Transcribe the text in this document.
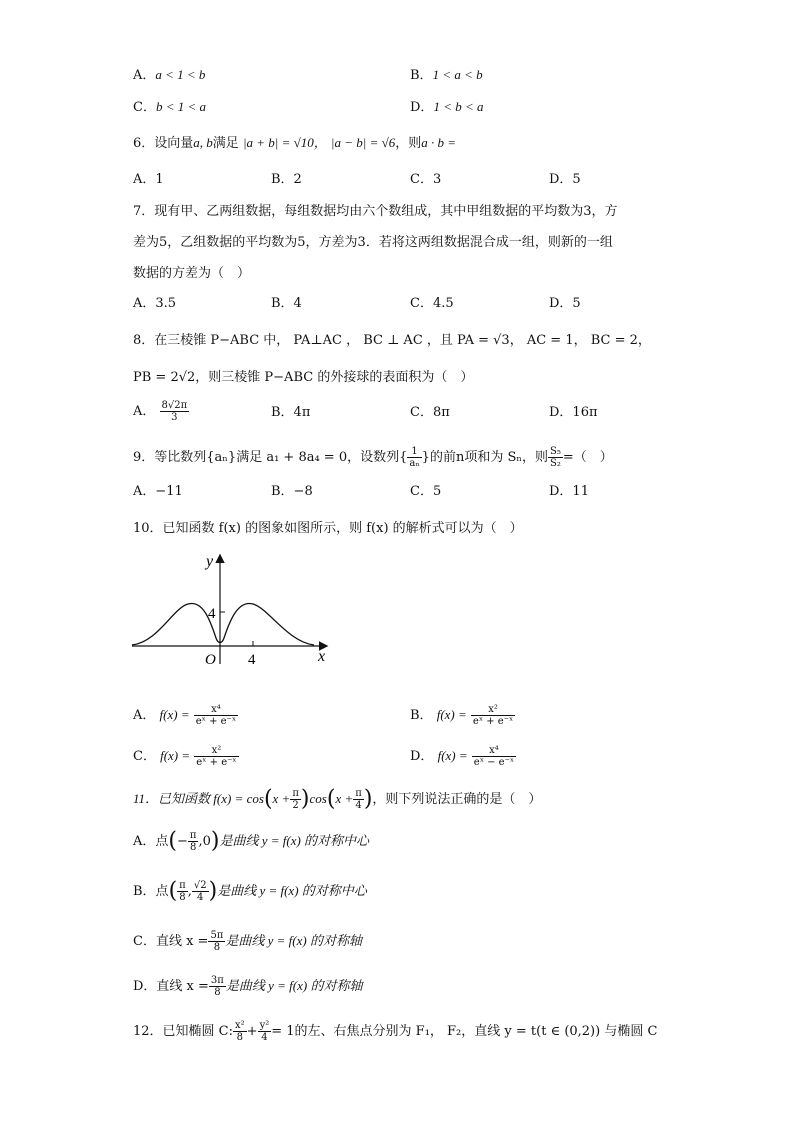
A．a < 1 < b	B．1 < a < b
C．b < 1 < a	D．1 < b < a
6．设向量a, b满足 |a + b| = √10， |a − b| = √6，则a · b =
A．1	B．2	C．3	D．5
7．现有甲、乙两组数据，每组数据均由六个数组成，其中甲组数据的平均数为3，方
差为5，乙组数据的平均数为5，方差为3．若将这两组数据混合成一组，则新的一组
数据的方差为（　）
A．3.5	B．4	C．4.5	D．5
8．在三棱锥 P−ABC 中， PA⊥AC ， BC ⊥ AC ，且 PA = √3， AC = 1， BC = 2，
PB = 2√2，则三棱锥 P−ABC 的外接球的表面积为（　）
A． $\frac{8√2\pi}{3}$	B．4π	C．8π	D．16π
9．等比数列{aₙ}满足 a₁ + 8a₄ = 0，设数列{ $\frac{1}{\text{aₙ}}$ }的前n项和为 Sₙ，则 $\frac{\text{S₅}}{\text{S₂}}$ =（　）
A．−11	B．−8	C．5	D．11
10．已知函数 f(x) 的图象如图所示，则 f(x) 的解析式可以为（　）
y
x
O
4
4
A． $f(x) = \frac{\text{x⁴}}{\text{eˣ + e⁻ˣ}}$	B． $f(x) = \frac{\text{x²}}{\text{eˣ + e⁻ˣ}}$
C． $f(x) = \frac{\text{x²}}{\text{eˣ + e⁻ˣ}}$	D． $f(x) = \frac{\text{x⁴}}{\text{eˣ − e⁻ˣ}}$
11．已知函数 $f(x) = \cos(x + \frac{\pi}{2} )\cos(x + \frac{\pi}{4}$ )，则下列说法正确的是（　）
A．点(− $\frac{\pi}{8} ,0$)是曲线 y = f(x) 的对称中心
B．点( $\frac{\pi}{8}$ , $\frac{√2}{4}$ )是曲线 y = f(x) 的对称中心
C．直线 $x = \frac{5\pi}{8}$ 是曲线 y = f(x) 的对称轴
D．直线 $x = \frac{3\pi}{8}$ 是曲线 y = f(x) 的对称轴
12．已知椭圆 C: $\frac{\text{x²}}{8} + \frac{\text{y²}}{4} = 1$的左、右焦点分别为 F₁， F₂，直线 y = t(t ∈ (0,2)) 与椭圆 C
